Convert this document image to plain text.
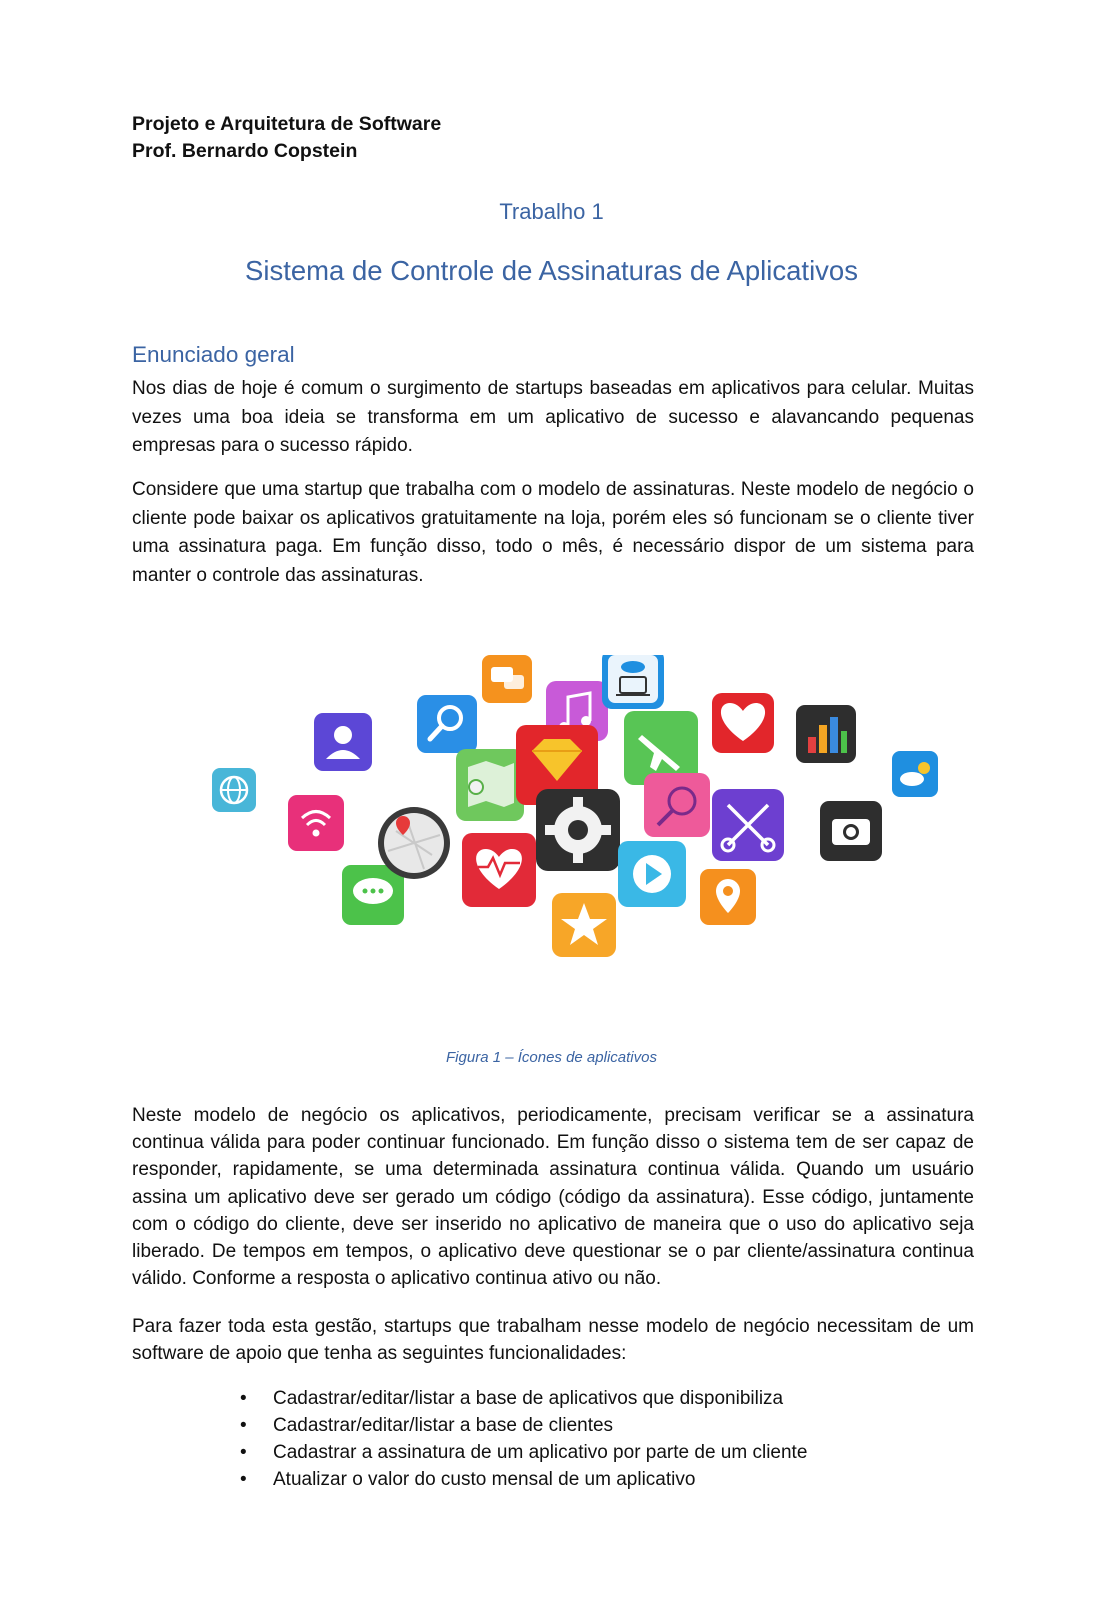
Projeto e Arquitetura de Software
Prof. Bernardo Copstein
Trabalho 1
Sistema de Controle de Assinaturas de Aplicativos
Enunciado geral
Nos dias de hoje é comum o surgimento de startups baseadas em aplicativos para celular. Muitas vezes uma boa ideia se transforma em um aplicativo de sucesso e alavancando pequenas empresas para o sucesso rápido.
Considere que uma startup que trabalha com o modelo de assinaturas. Neste modelo de negócio o cliente pode baixar os aplicativos gratuitamente na loja, porém eles só funcionam se o cliente tiver uma assinatura paga. Em função disso, todo o mês, é necessário dispor de um sistema para manter o controle das assinaturas.
Figura 1 – Ícones de aplicativos
Neste modelo de negócio os aplicativos, periodicamente, precisam verificar se a assinatura continua válida para poder continuar funcionado. Em função disso o sistema tem de ser capaz de responder, rapidamente, se uma determinada assinatura continua válida. Quando um usuário assina um aplicativo deve ser gerado um código (código da assinatura). Esse código, juntamente com o código do cliente, deve ser inserido no aplicativo de maneira que o uso do aplicativo seja liberado. De tempos em tempos, o aplicativo deve questionar se o par cliente/assinatura continua válido. Conforme a resposta o aplicativo continua ativo ou não.
Para fazer toda esta gestão, startups que trabalham nesse modelo de negócio necessitam de um software de apoio que tenha as seguintes funcionalidades:
• Cadastrar/editar/listar a base de aplicativos que disponibiliza
• Cadastrar/editar/listar a base de clientes
• Cadastrar a assinatura de um aplicativo por parte de um cliente
• Atualizar o valor do custo mensal de um aplicativo
